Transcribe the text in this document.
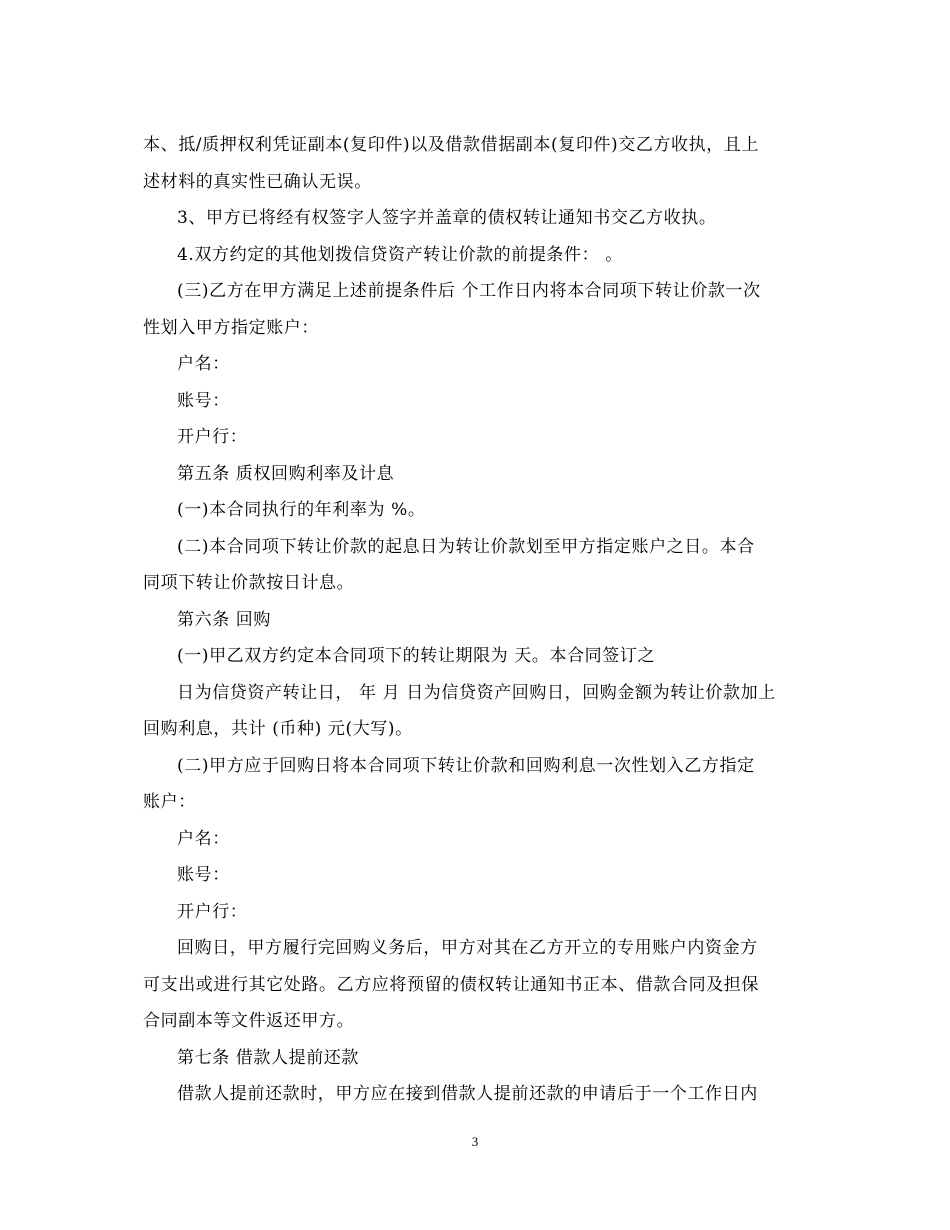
本、抵/质押权利凭证副本(复印件)以及借款借据副本(复印件)交乙方收执，且上
述材料的真实性已确认无误。
3、甲方已将经有权签字人签字并盖章的债权转让通知书交乙方收执。
4.双方约定的其他划拨信贷资产转让价款的前提条件： 。
(三)乙方在甲方满足上述前提条件后 个工作日内将本合同项下转让价款一次
性划入甲方指定账户：
户名：
账号：
开户行：
第五条 质权回购利率及计息
(一)本合同执行的年利率为 %。
(二)本合同项下转让价款的起息日为转让价款划至甲方指定账户之日。本合
同项下转让价款按日计息。
第六条 回购
(一)甲乙双方约定本合同项下的转让期限为 天。本合同签订之
日为信贷资产转让日， 年 月 日为信贷资产回购日，回购金额为转让价款加上
回购利息，共计 (币种) 元(大写)。
(二)甲方应于回购日将本合同项下转让价款和回购利息一次性划入乙方指定
账户：
户名：
账号：
开户行：
回购日，甲方履行完回购义务后，甲方对其在乙方开立的专用账户内资金方
可支出或进行其它处路。乙方应将预留的债权转让通知书正本、借款合同及担保
合同副本等文件返还甲方。
第七条 借款人提前还款
借款人提前还款时，甲方应在接到借款人提前还款的申请后于一个工作日内
3
